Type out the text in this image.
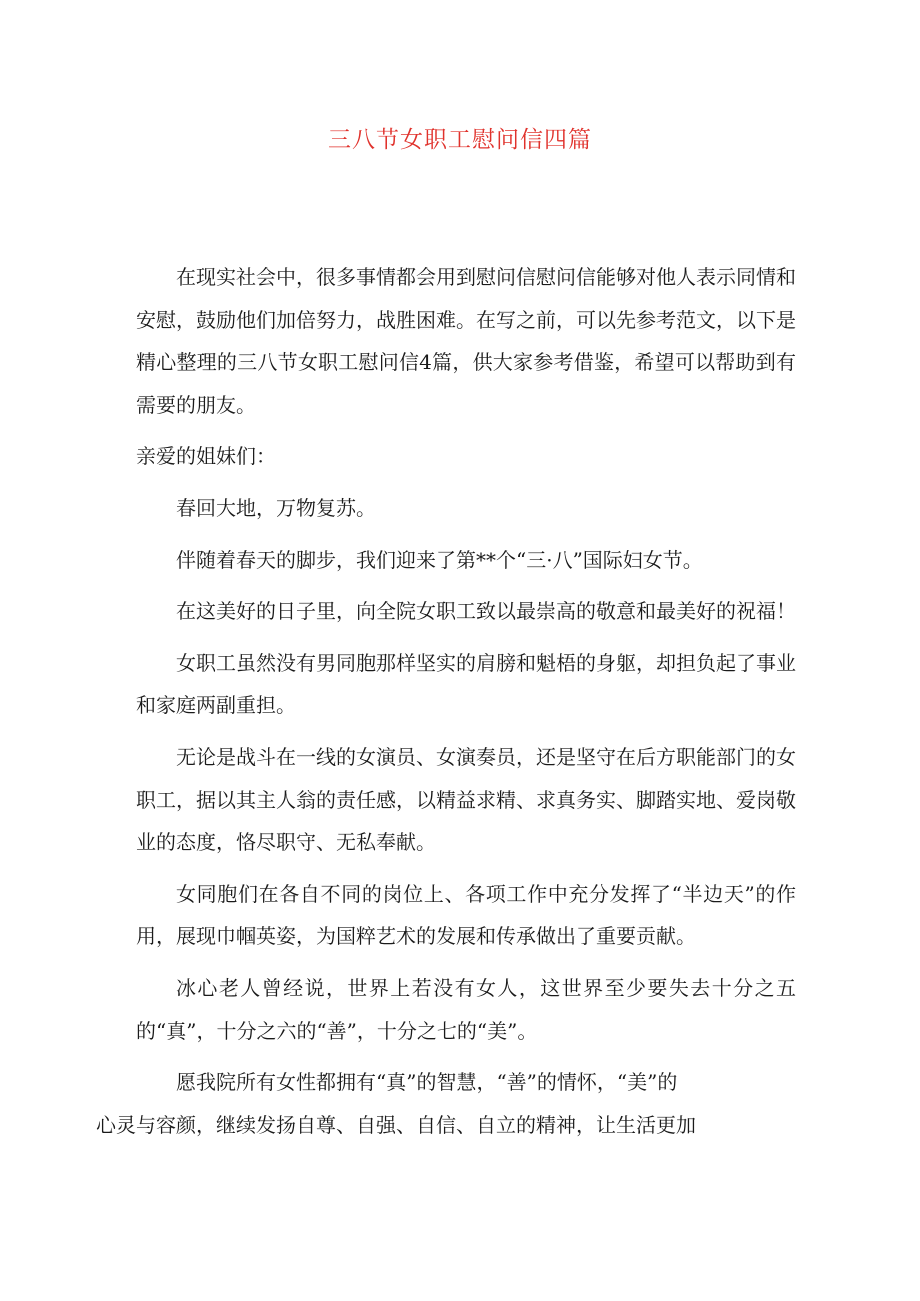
三八节女职工慰问信四篇

在现实社会中，很多事情都会用到慰问信慰问信能够对他人表示同情和安慰，鼓励他们加倍努力，战胜困难。在写之前，可以先参考范文，以下是精心整理的三八节女职工慰问信4篇，供大家参考借鉴，希望可以帮助到有需要的朋友。

亲爱的姐妹们：

春回大地，万物复苏。

伴随着春天的脚步，我们迎来了第**个“三·八”国际妇女节。

在这美好的日子里，向全院女职工致以最崇高的敬意和最美好的祝福！

女职工虽然没有男同胞那样坚实的肩膀和魁梧的身躯，却担负起了事业和家庭两副重担。

无论是战斗在一线的女演员、女演奏员，还是坚守在后方职能部门的女职工，据以其主人翁的责任感，以精益求精、求真务实、脚踏实地、爱岗敬业的态度，恪尽职守、无私奉献。

女同胞们在各自不同的岗位上、各项工作中充分发挥了“半边天”的作用，展现巾帼英姿，为国粹艺术的发展和传承做出了重要贡献。

冰心老人曾经说，世界上若没有女人，这世界至少要失去十分之五的“真”，十分之六的“善”，十分之七的“美”。

愿我院所有女性都拥有“真”的智慧，“善”的情怀，“美”的
心灵与容颜，继续发扬自尊、自强、自信、自立的精神，让生活更加
